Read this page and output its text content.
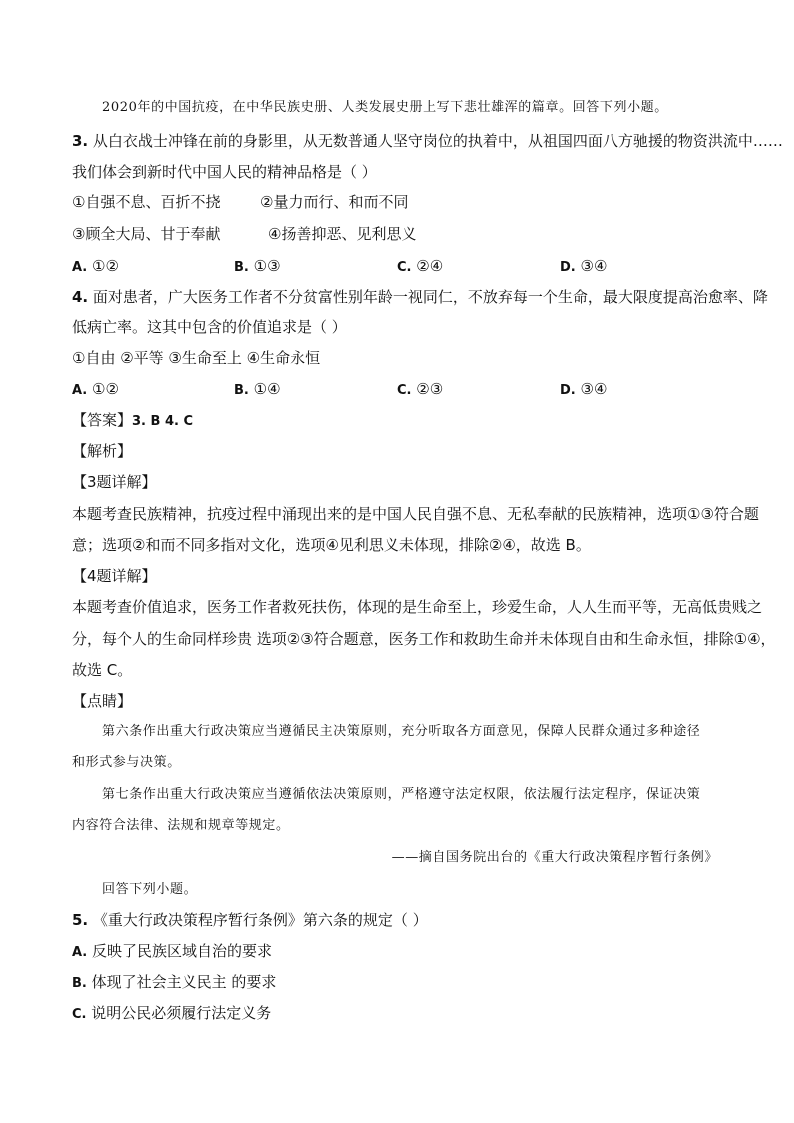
2020年的中国抗疫，在中华民族史册、人类发展史册上写下悲壮雄浑的篇章。回答下列小题。
3. 从白衣战士冲锋在前的身影里，从无数普通人坚守岗位的执着中，从祖国四面八方驰援的物资洪流中……
我们体会到新时代中国人民的精神品格是（ ）
①自强不息、百折不挠	②量力而行、和而不同
③顾全大局、甘于奉献	④扬善抑恶、见利思义
A. ①②	B. ①③	C. ②④	D. ③④
4. 面对患者，广大医务工作者不分贫富性别年龄一视同仁，不放弃每一个生命，最大限度提高治愈率、降
低病亡率。这其中包含的价值追求是（ ）
①自由 ②平等 ③生命至上 ④生命永恒
A. ①②	B. ①④	C. ②③	D. ③④
【答案】3. B 4. C
【解析】
【3题详解】
本题考查民族精神，抗疫过程中涌现出来的是中国人民自强不息、无私奉献的民族精神，选项①③符合题
意；选项②和而不同多指对文化，选项④见利思义未体现，排除②④，故选 B。
【4题详解】
本题考查价值追求，医务工作者救死扶伤，体现的是生命至上，珍爱生命，人人生而平等，无高低贵贱之
分，每个人的生命同样珍贵 选项②③符合题意，医务工作和救助生命并未体现自由和生命永恒，排除①④，
故选 C。
【点睛】
第六条作出重大行政决策应当遵循民主决策原则，充分听取各方面意见，保障人民群众通过多种途径
和形式参与决策。
第七条作出重大行政决策应当遵循依法决策原则，严格遵守法定权限，依法履行法定程序，保证决策
内容符合法律、法规和规章等规定。
——摘自国务院出台的《重大行政决策程序暂行条例》
回答下列小题。
5. 《重大行政决策程序暂行条例》第六条的规定（ ）
A. 反映了民族区域自治的要求
B. 体现了社会主义民主 的要求
C. 说明公民必须履行法定义务
